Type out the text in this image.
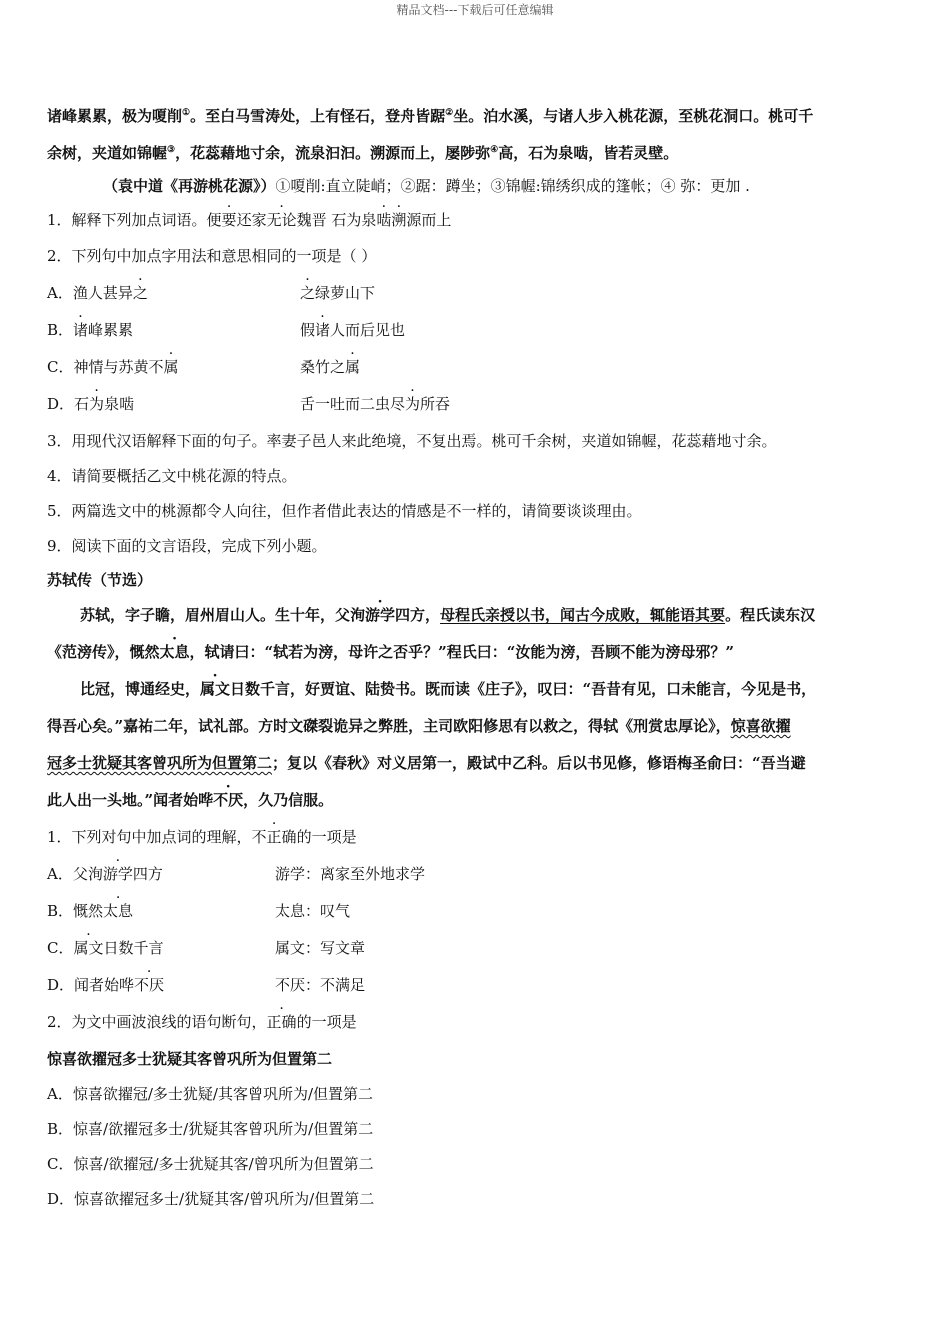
精品文档---下载后可任意编辑
诸峰累累，极为嗄削①。至白马雪涛处，上有怪石，登舟皆踞②坐。泊水溪，与诸人步入桃花源，至桃花洞口。桃可千
余树，夹道如锦幄③，花蕊藉地寸余，流泉汩汩。溯源而上，屡陟弥④高，石为泉啮，皆若灵壁。
（袁中道《再游桃花源》）①嗄削:直立陡峭；②踞：蹲坐；③锦幄:锦绣织成的篷帐；④ 弥：更加 .
1．解释下列加点词语。便要还家无论魏晋 石为泉啮溯源而上
2．下列句中加点字用法和意思相同的一项是（ ）
A．渔人甚异之	之绿萝山下
B．诸峰累累	假诸人而后见也
C．神情与苏黄不属	桑竹之属
D．石为泉啮	舌一吐而二虫尽为所吞
3．用现代汉语解释下面的句子。率妻子邑人来此绝境，不复出焉。桃可千余树，夹道如锦幄，花蕊藉地寸余。
4．请简要概括乙文中桃花源的特点。
5．两篇选文中的桃源都令人向往，但作者借此表达的情感是不一样的，请简要谈谈理由。
9．阅读下面的文言语段，完成下列小题。
苏轼传（节选）
苏轼，字子瞻，眉州眉山人。生十年，父洵游学四方，母程氏亲授以书，闻古今成败，辄能语其要。程氏读东汉
《范滂传》，慨然太息，轼请曰：“轼若为滂，母许之否乎？”程氏曰：“汝能为滂，吾顾不能为滂母邪？”
比冠，博通经史，属文日数千言，好贾谊、陆贽书。既而读《庄子》，叹曰：“吾昔有见，口未能言，今见是书，
得吾心矣。”嘉祐二年，试礼部。方时文磔裂诡异之弊胜，主司欧阳修思有以救之，得轼《刑赏忠厚论》，惊喜欲擢
冠多士犹疑其客曾巩所为但置第二；复以《春秋》对义居第一，殿试中乙科。后以书见修，修语梅圣俞曰：“吾当避
此人出一头地。”闻者始哗不厌，久乃信服。
1．下列对句中加点词的理解，不正确的一项是
A．父洵游学四方	游学：离家至外地求学
B．慨然太息	太息：叹气
C．属文日数千言	属文：写文章
D．闻者始哗不厌	不厌：不满足
2．为文中画波浪线的语句断句，正确的一项是
惊喜欲擢冠多士犹疑其客曾巩所为但置第二
A．惊喜欲擢冠/多士犹疑/其客曾巩所为/但置第二
B．惊喜/欲擢冠多士/犹疑其客曾巩所为/但置第二
C．惊喜/欲擢冠/多士犹疑其客/曾巩所为但置第二
D．惊喜欲擢冠多士/犹疑其客/曾巩所为/但置第二
